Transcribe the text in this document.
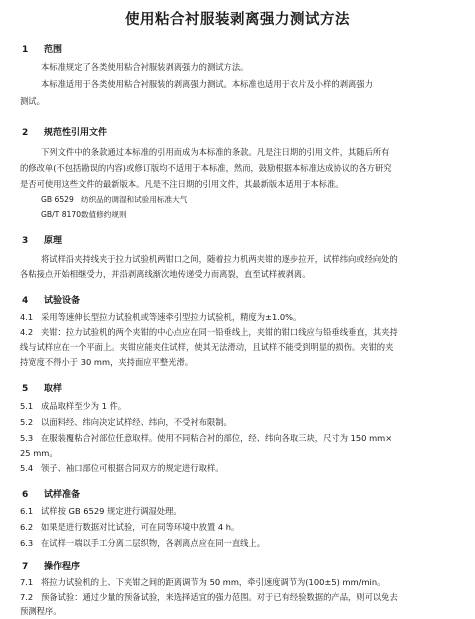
使用粘合衬服装剥离强力测试方法
1 范围
本标准规定了各类使用粘合衬服装剥离强力的测试方法。
本标准适用于各类使用粘合衬服装的剥离强力测试。本标准也适用于衣片及小样的剥离强力
测试。
2 规范性引用文件
下列文件中的条款通过本标准的引用而成为本标准的条款。凡是注日期的引用文件，其随后所有
的修改单(不包括勘误的内容)或修订版均不适用于本标准，然而，鼓励根据本标准达成协议的各方研究
是否可使用这些文件的最新版本。凡是不注日期的引用文件，其最新版本适用于本标准。
GB 6529 纺织品的调湿和试验用标准大气
GB/T 8170数值修约规则
3 原理
将试样沿夹持线夹于拉力试验机两钳口之间，随着拉力机两夹钳的逐步拉开，试样纬向或经向处的
各粘接点开始相继受力，并沿剥离线渐次地传递受力而离裂，直至试样被剥离。
4 试验设备
4.1 采用等速伸长型拉力试验机或等速牵引型拉力试验机，精度为±1.0%。
4.2 夹钳：拉力试验机的两个夹钳的中心点应在同一铅垂线上，夹钳的钳口线应与铅垂线垂直，其夹持
线与试样应在一个平面上。夹钳应能夹住试样，使其无法滑动，且试样不能受到明显的损伤。夹钳的夹
持宽度不得小于 30 mm，夹持面应平整光滑。
5 取样
5.1 成品取样至少为 1 件。
5.2 以面料经、纬向决定试样经、纬向，不受衬布限制。
5.3 在服装覆粘合衬部位任意取样。使用不同粘合衬的部位，经、纬向各取三块，尺寸为 150 mm×
25 mm。
5.4 领子、袖口部位可根据合同双方的规定进行取样。
6 试样准备
6.1 试样按 GB 6529 规定进行调湿处理。
6.2 如果是进行数据对比试验，可在同等环境中放置 4 h。
6.3 在试样一端以手工分离二层织物，各剥离点应在同一直线上。
7 操作程序
7.1 将拉力试验机的上、下夹钳之间的距离调节为 50 mm，牵引速度调节为(100±5) mm/min。
7.2 预备试验：通过少量的预备试验，来选择适宜的强力范围。对于已有经验数据的产品，则可以免去
预测程序。
